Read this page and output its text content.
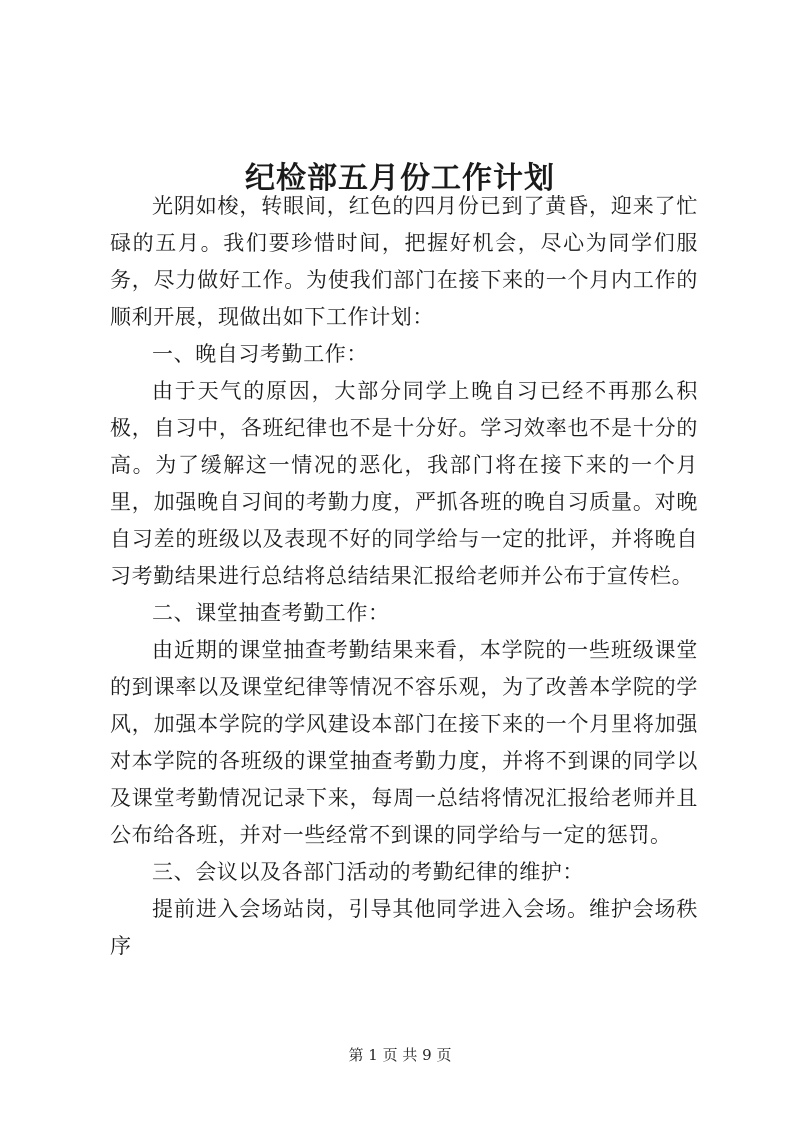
纪检部五月份工作计划

光阴如梭，转眼间，红色的四月份已到了黄昏，迎来了忙碌的五月。我们要珍惜时间，把握好机会，尽心为同学们服务，尽力做好工作。为使我们部门在接下来的一个月内工作的顺利开展，现做出如下工作计划：

一、晚自习考勤工作：

由于天气的原因，大部分同学上晚自习已经不再那么积极，自习中，各班纪律也不是十分好。学习效率也不是十分的高。为了缓解这一情况的恶化，我部门将在接下来的一个月里，加强晚自习间的考勤力度，严抓各班的晚自习质量。对晚自习差的班级以及表现不好的同学给与一定的批评，并将晚自习考勤结果进行总结将总结结果汇报给老师并公布于宣传栏。

二、课堂抽查考勤工作：

由近期的课堂抽查考勤结果来看，本学院的一些班级课堂的到课率以及课堂纪律等情况不容乐观，为了改善本学院的学风，加强本学院的学风建设本部门在接下来的一个月里将加强对本学院的各班级的课堂抽查考勤力度，并将不到课的同学以及课堂考勤情况记录下来，每周一总结将情况汇报给老师并且公布给各班，并对一些经常不到课的同学给与一定的惩罚。

三、会议以及各部门活动的考勤纪律的维护：

提前进入会场站岗，引导其他同学进入会场。维护会场秩序

第 1 页 共 9 页
